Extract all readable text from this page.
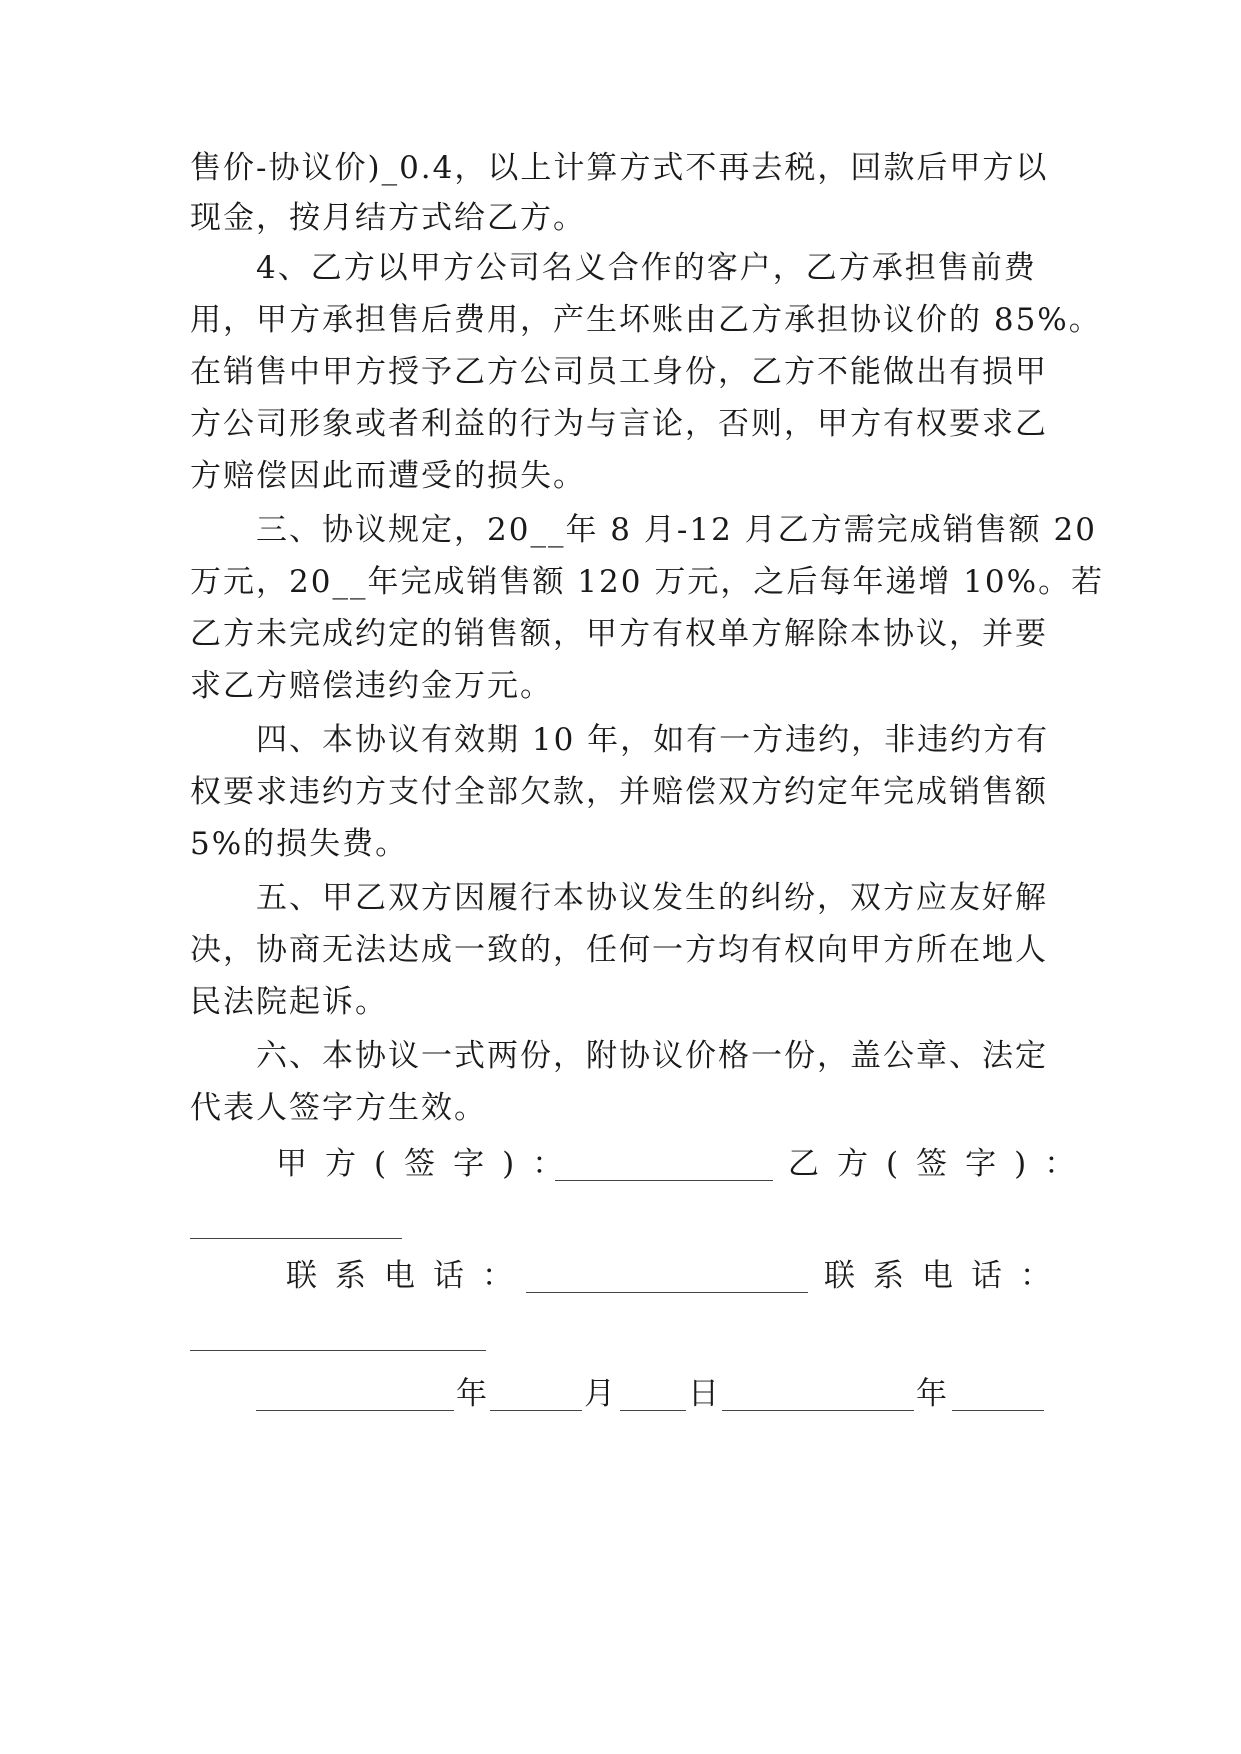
售价-协议价)_0.4，以上计算方式不再去税，回款后甲方以
现金，按月结方式给乙方。
4、乙方以甲方公司名义合作的客户，乙方承担售前费
用，甲方承担售后费用，产生坏账由乙方承担协议价的 85%。
在销售中甲方授予乙方公司员工身份，乙方不能做出有损甲
方公司形象或者利益的行为与言论，否则，甲方有权要求乙
方赔偿因此而遭受的损失。
三、协议规定，20__年 8 月-12 月乙方需完成销售额 20
万元，20__年完成销售额 120 万元，之后每年递增 10%。若
乙方未完成约定的销售额，甲方有权单方解除本协议，并要
求乙方赔偿违约金万元。
四、本协议有效期 10 年，如有一方违约，非违约方有
权要求违约方支付全部欠款，并赔偿双方约定年完成销售额
5%的损失费。
五、甲乙双方因履行本协议发生的纠纷，双方应友好解
决，协商无法达成一致的，任何一方均有权向甲方所在地人
民法院起诉。
六、本协议一式两份，附协议价格一份，盖公章、法定
代表人签字方生效。
甲方(签字)：	乙方(签字)：
联系电话：	联系电话：
年	月 日	年
